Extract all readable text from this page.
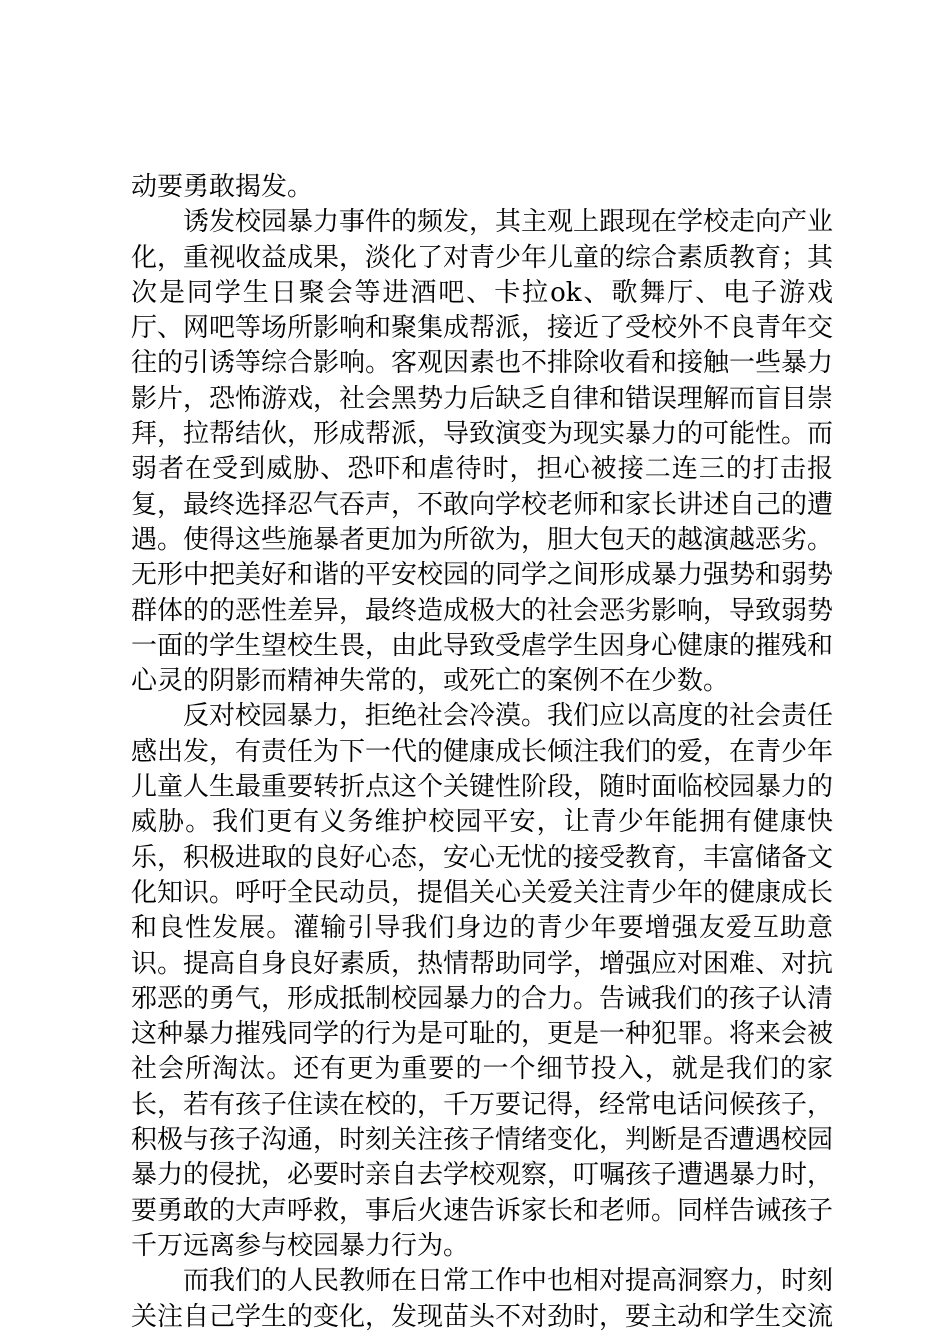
动要勇敢揭发。

诱发校园暴力事件的频发，其主观上跟现在学校走向产业化，重视收益成果，淡化了对青少年儿童的综合素质教育；其次是同学生日聚会等进酒吧、卡拉ok、歌舞厅、电子游戏厅、网吧等场所影响和聚集成帮派，接近了受校外不良青年交往的引诱等综合影响。客观因素也不排除收看和接触一些暴力影片，恐怖游戏，社会黑势力后缺乏自律和错误理解而盲目崇拜，拉帮结伙，形成帮派，导致演变为现实暴力的可能性。而弱者在受到威胁、恐吓和虐待时，担心被接二连三的打击报复，最终选择忍气吞声，不敢向学校老师和家长讲述自己的遭遇。使得这些施暴者更加为所欲为，胆大包天的越演越恶劣。无形中把美好和谐的平安校园的同学之间形成暴力强势和弱势群体的的恶性差异，最终造成极大的社会恶劣影响，导致弱势一面的学生望校生畏，由此导致受虐学生因身心健康的摧残和心灵的阴影而精神失常的，或死亡的案例不在少数。

反对校园暴力，拒绝社会冷漠。我们应以高度的社会责任感出发，有责任为下一代的健康成长倾注我们的爱，在青少年儿童人生最重要转折点这个关键性阶段，随时面临校园暴力的威胁。我们更有义务维护校园平安，让青少年能拥有健康快乐，积极进取的良好心态，安心无忧的接受教育，丰富储备文化知识。呼吁全民动员，提倡关心关爱关注青少年的健康成长和良性发展。灌输引导我们身边的青少年要增强友爱互助意识。提高自身良好素质，热情帮助同学，增强应对困难、对抗邪恶的勇气，形成抵制校园暴力的合力。告诫我们的孩子认清这种暴力摧残同学的行为是可耻的，更是一种犯罪。将来会被社会所淘汰。还有更为重要的一个细节投入，就是我们的家长，若有孩子住读在校的，千万要记得，经常电话问候孩子，积极与孩子沟通，时刻关注孩子情绪变化，判断是否遭遇校园暴力的侵扰，必要时亲自去学校观察，叮嘱孩子遭遇暴力时，要勇敢的大声呼救，事后火速告诉家长和老师。同样告诫孩子千万远离参与校园暴力行为。

而我们的人民教师在日常工作中也相对提高洞察力，时刻关注自己学生的变化，发现苗头不对劲时，要主动和学生交流
